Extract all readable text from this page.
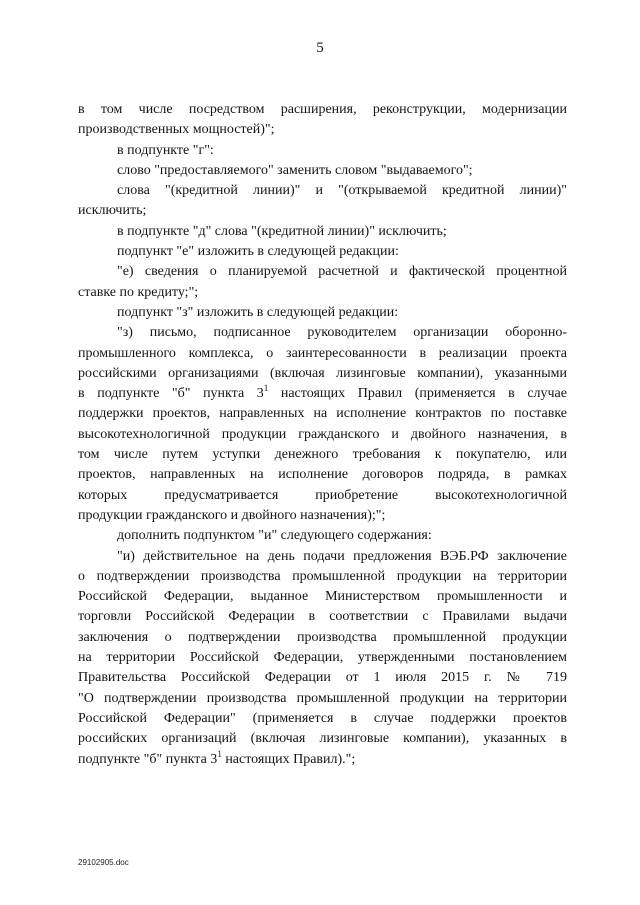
5
в том числе посредством расширения, реконструкции, модернизации
производственных мощностей)";
в подпункте "г":
слово "предоставляемого" заменить словом "выдаваемого";
слова "(кредитной линии)" и "(открываемой кредитной линии)"
исключить;
в подпункте "д" слова "(кредитной линии)" исключить;
подпункт "е" изложить в следующей редакции:
"е) сведения о планируемой расчетной и фактической процентной
ставке по кредиту;";
подпункт "з" изложить в следующей редакции:
"з) письмо, подписанное руководителем организации оборонно-
промышленного комплекса, о заинтересованности в реализации проекта
российскими организациями (включая лизинговые компании), указанными
в подпункте "б" пункта $3^1$ настоящих Правил (применяется в случае
поддержки проектов, направленных на исполнение контрактов по поставке
высокотехнологичной продукции гражданского и двойного назначения, в
том числе путем уступки денежного требования к покупателю, или
проектов, направленных на исполнение договоров подряда, в рамках
которых предусматривается приобретение высокотехнологичной
продукции гражданского и двойного назначения);";
дополнить подпунктом "и" следующего содержания:
"и) действительное на день подачи предложения ВЭБ.РФ заключение
о подтверждении производства промышленной продукции на территории
Российской Федерации, выданное Министерством промышленности и
торговли Российской Федерации в соответствии с Правилами выдачи
заключения о подтверждении производства промышленной продукции
на территории Российской Федерации, утвержденными постановлением
Правительства Российской Федерации от 1 июля 2015 г. № 719
"О подтверждении производства промышленной продукции на территории
Российской Федерации" (применяется в случае поддержки проектов
российских организаций (включая лизинговые компании), указанных в
подпункте "б" пункта $3^1$ настоящих Правил).";
29102905.doc
